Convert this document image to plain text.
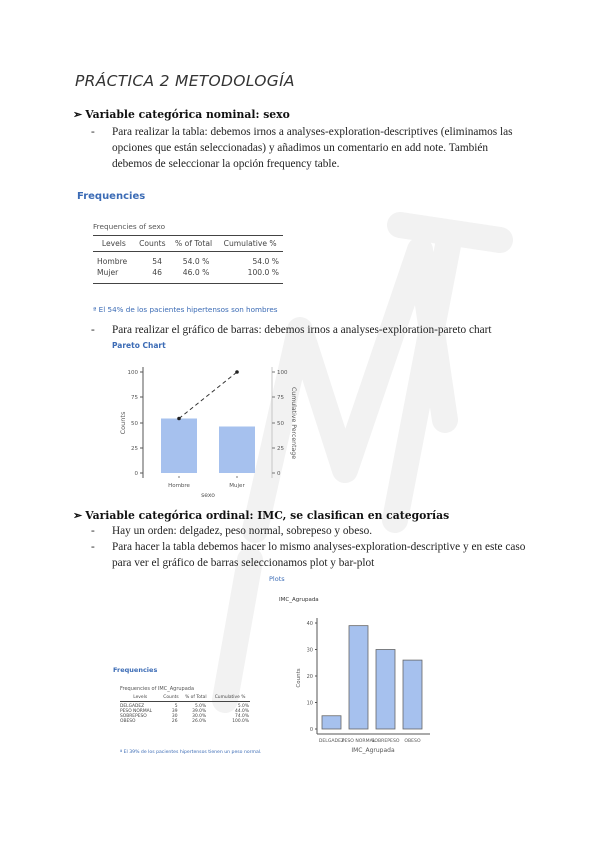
PRÁCTICA 2 METODOLOGÍA
➢ Variable categórica nominal: sexo
-	Para realizar la tabla: debemos irnos a analyses-exploration-descriptives (eliminamos las opciones que están seleccionadas) y añadimos un comentario en add note. También debemos de seleccionar la opción frequency table.
Frequencies
Frequencies of sexo
Levels	Counts	% of Total	Cumulative %
Hombre	54	54.0 %	54.0 %
Mujer	46	46.0 %	100.0 %
ª El 54% de los pacientes hipertensos son hombres
-	Para realizar el gráfico de barras: debemos irnos a analyses-exploration-pareto chart
Pareto Chart
100
75
50
25
0
Counts
100
75
50
25
0
Cumulative Percentage
Hombre	Mujer
sexo
➢ Variable categórica ordinal: IMC, se clasifican en categorías
-	Hay un orden: delgadez, peso normal, sobrepeso y obeso.
-	Para hacer la tabla debemos hacer lo mismo analyses-exploration-descriptive y en este caso para ver el gráfico de barras seleccionamos plot y bar-plot
Plots
IMC_Agrupada
40
30
20
10
0
Counts
DELGADEZ
PESO NORMAL
SOBREPESO OBESO
IMC_Agrupada
Frequencies
Frequencies of IMC_Agrupada
Levels	Counts	% of Total	Cumulative %
DELGADEZ	5	5.0%	5.0%
PESO NORMAL	39	39.0%	44.0%
SOBREPESO	30	30.0%	74.0%
OBESO	26	26.0%	100.0%
ª El 39% de los pacientes hipertensos tienen un peso normal.
